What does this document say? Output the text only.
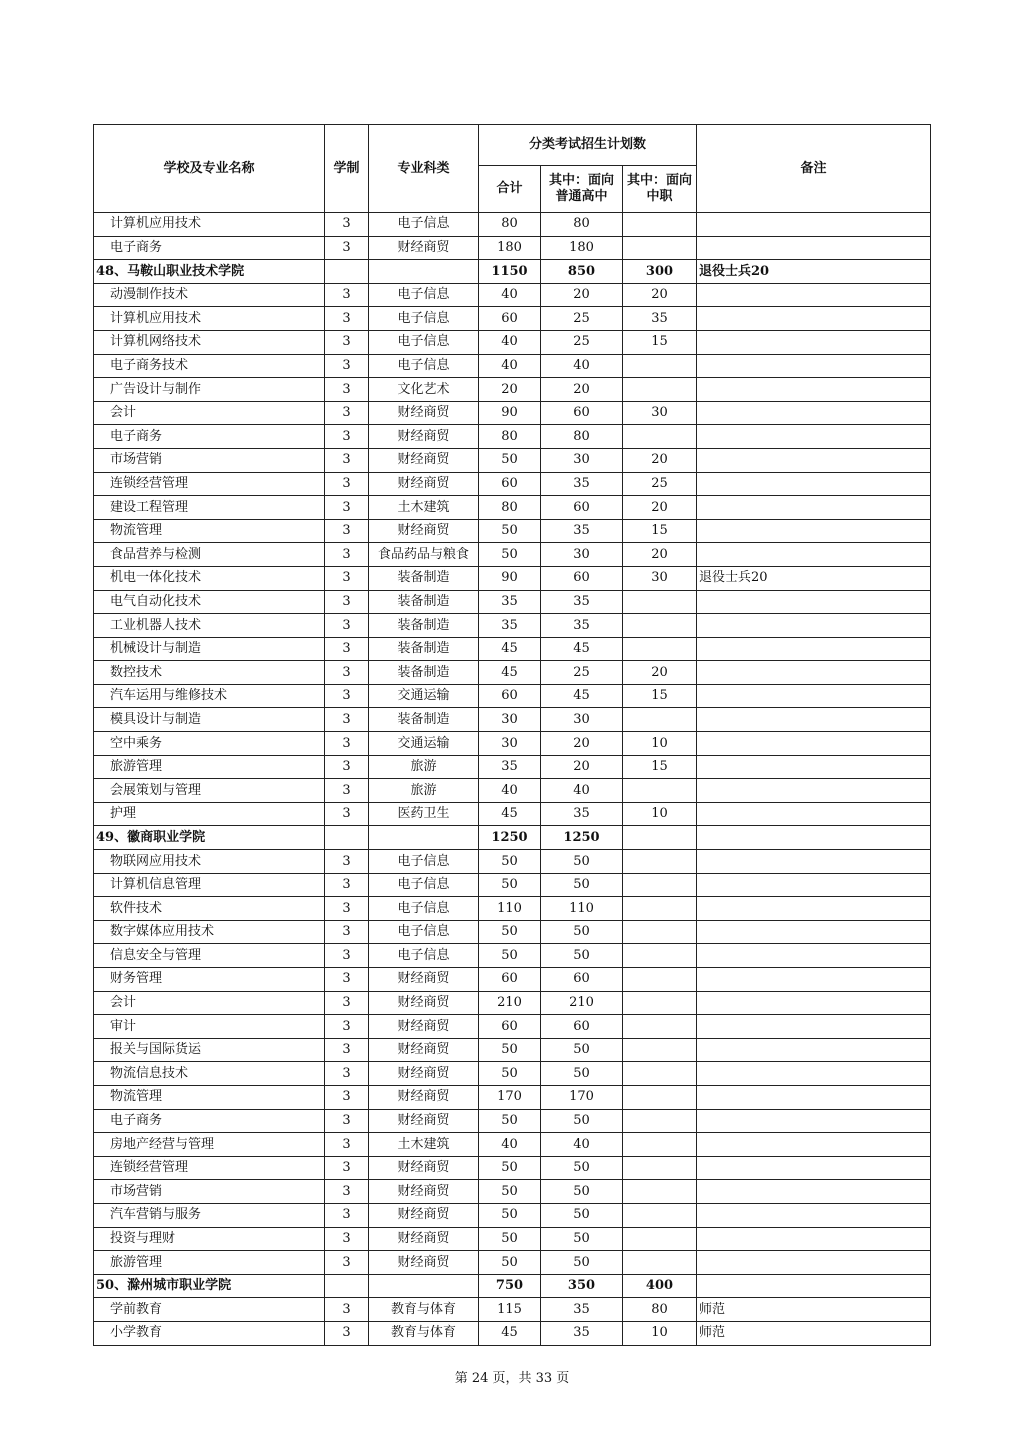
学校及专业名称	学制	专业科类	分类考试招生计划数			备注
			合计	其中：面向普通高中	其中：面向中职	
计算机应用技术	3	电子信息	80	80		
电子商务	3	财经商贸	180	180		
48、马鞍山职业技术学院			1150	850	300	退役士兵20
动漫制作技术	3	电子信息	40	20	20	
计算机应用技术	3	电子信息	60	25	35	
计算机网络技术	3	电子信息	40	25	15	
电子商务技术	3	电子信息	40	40		
广告设计与制作	3	文化艺术	20	20		
会计	3	财经商贸	90	60	30	
电子商务	3	财经商贸	80	80		
市场营销	3	财经商贸	50	30	20	
连锁经营管理	3	财经商贸	60	35	25	
建设工程管理	3	土木建筑	80	60	20	
物流管理	3	财经商贸	50	35	15	
食品营养与检测	3	食品药品与粮食	50	30	20	
机电一体化技术	3	装备制造	90	60	30	退役士兵20
电气自动化技术	3	装备制造	35	35		
工业机器人技术	3	装备制造	35	35		
机械设计与制造	3	装备制造	45	45		
数控技术	3	装备制造	45	25	20	
汽车运用与维修技术	3	交通运输	60	45	15	
模具设计与制造	3	装备制造	30	30		
空中乘务	3	交通运输	30	20	10	
旅游管理	3	旅游	35	20	15	
会展策划与管理	3	旅游	40	40		
护理	3	医药卫生	45	35	10	
49、徽商职业学院			1250	1250		
物联网应用技术	3	电子信息	50	50		
计算机信息管理	3	电子信息	50	50		
软件技术	3	电子信息	110	110		
数字媒体应用技术	3	电子信息	50	50		
信息安全与管理	3	电子信息	50	50		
财务管理	3	财经商贸	60	60		
会计	3	财经商贸	210	210		
审计	3	财经商贸	60	60		
报关与国际货运	3	财经商贸	50	50		
物流信息技术	3	财经商贸	50	50		
物流管理	3	财经商贸	170	170		
电子商务	3	财经商贸	50	50		
房地产经营与管理	3	土木建筑	40	40		
连锁经营管理	3	财经商贸	50	50		
市场营销	3	财经商贸	50	50		
汽车营销与服务	3	财经商贸	50	50		
投资与理财	3	财经商贸	50	50		
旅游管理	3	财经商贸	50	50		
50、滁州城市职业学院			750	350	400	
学前教育	3	教育与体育	115	35	80	师范
小学教育	3	教育与体育	45	35	10	师范
第 24 页，共 33 页
